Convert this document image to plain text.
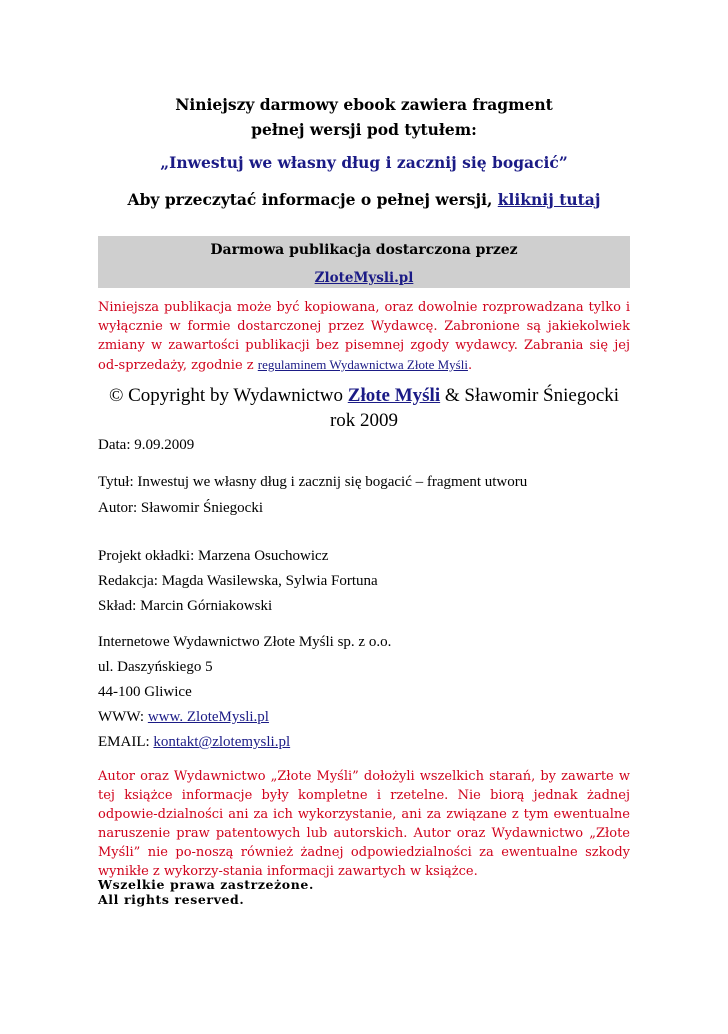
Niniejszy darmowy ebook zawiera fragment
pełnej wersji pod tytułem:
„Inwestuj we własny dług i zacznij się bogacić”
Aby przeczytać informacje o pełnej wersji, kliknij tutaj
Darmowa publikacja dostarczona przez
ZloteMysli.pl
Niniejsza publikacja może być kopiowana, oraz dowolnie rozprowadzana tylko i wyłącznie w formie dostarczonej przez Wydawcę. Zabronione są jakiekolwiek zmiany w zawartości publikacji bez pisemnej zgody wydawcy. Zabrania się jej od-sprzedaży, zgodnie z regulaminem Wydawnictwa Złote Myśli.
© Copyright by Wydawnictwo Złote Myśli & Sławomir Śniegocki
rok 2009
Data: 9.09.2009
Tytuł: Inwestuj we własny dług i zacznij się bogacić – fragment utworu
Autor: Sławomir Śniegocki
Projekt okładki: Marzena Osuchowicz
Redakcja: Magda Wasilewska, Sylwia Fortuna
Skład: Marcin Górniakowski
Internetowe Wydawnictwo Złote Myśli sp. z o.o.
ul. Daszyńskiego 5
44-100 Gliwice
WWW: www. ZloteMysli.pl
EMAIL: kontakt@zlotemysli.pl
Autor oraz Wydawnictwo „Złote Myśli” dołożyli wszelkich starań, by zawarte w tej książce informacje były kompletne i rzetelne. Nie biorą jednak żadnej odpowie-dzialności ani za ich wykorzystanie, ani za związane z tym ewentualne naruszenie praw patentowych lub autorskich. Autor oraz Wydawnictwo „Złote Myśli” nie po-noszą również żadnej odpowiedzialności za ewentualne szkody wynikłe z wykorzy-stania informacji zawartych w książce.
Wszelkie prawa zastrzeżone.
All rights reserved.
